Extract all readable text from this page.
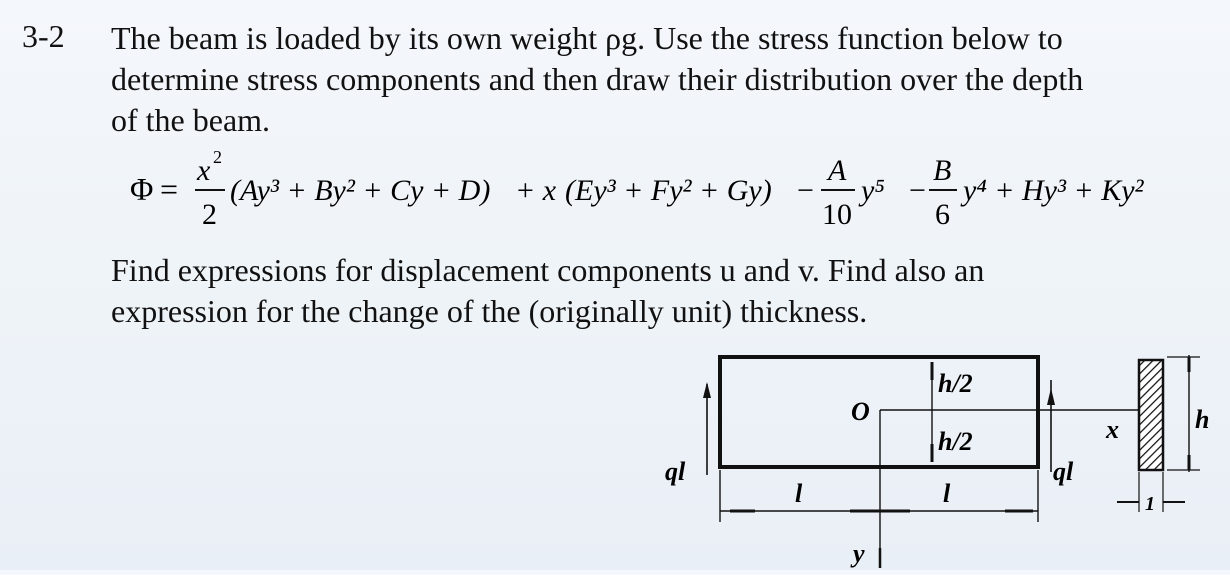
3-2 The beam is loaded by its own weight ρg. Use the stress function below to
determine stress components and then draw their distribution over the depth
of the beam.
Φ =
x 2
2
(Ay³ + By² + Cy + D) + x (Ey³ + Fy² + Gy) −
A
10
y⁵ −
B
6
y⁴ + Hy³ + Ky²
Find expressions for displacement components u and v. Find also an
expression for the change of the (originally unit) thickness.
ql	ql
l	l
O
h/2
h/2	x
y
h
1
